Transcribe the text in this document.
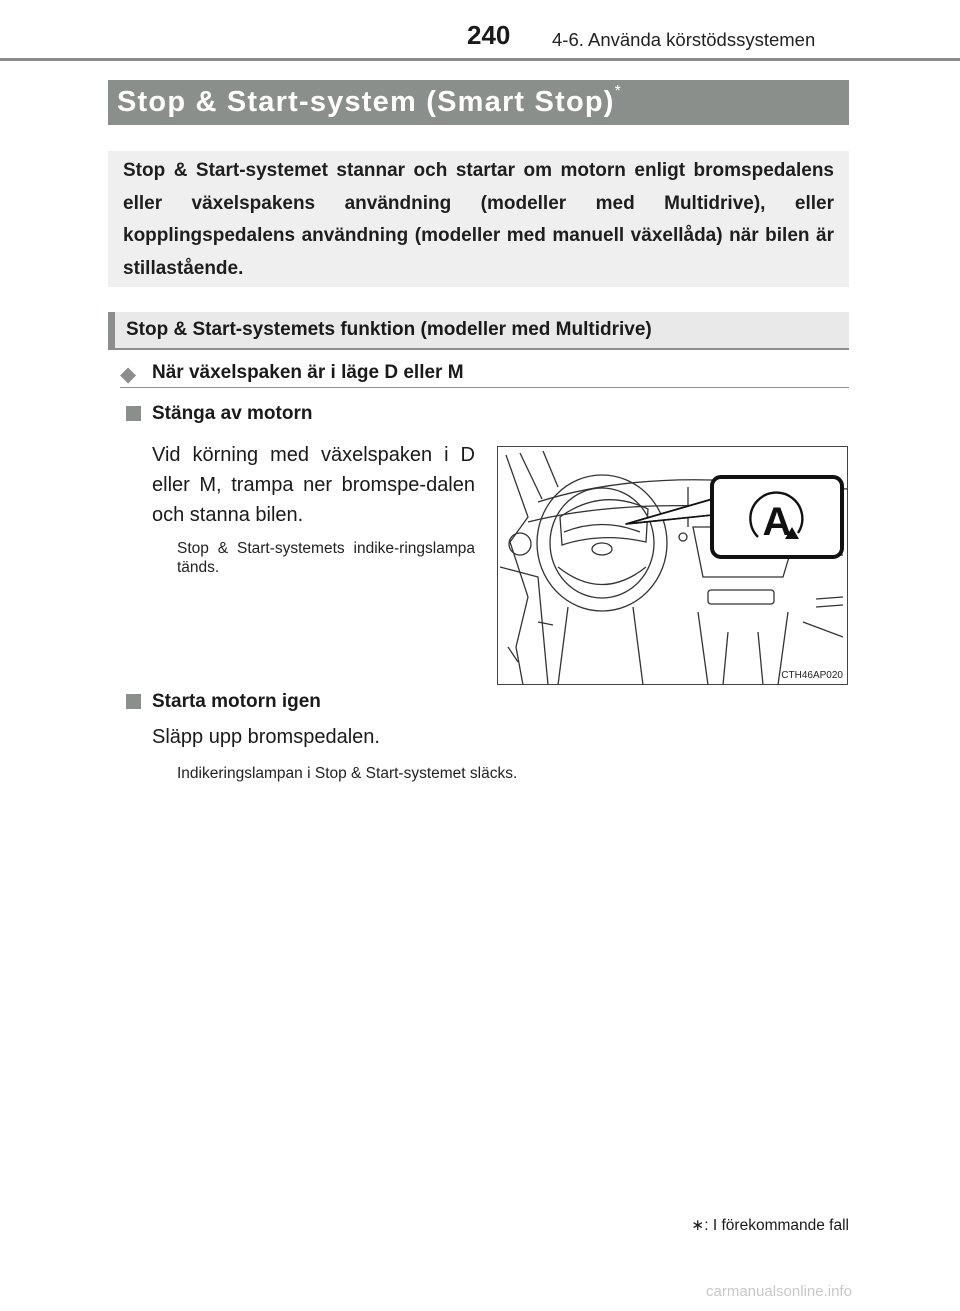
240 4-6. Använda körstödssystemen
Stop & Start-system (Smart Stop)*
Stop & Start-systemet stannar och startar om motorn enligt bromspedalens eller växelspakens användning (modeller med Multidrive), eller kopplingspedalens användning (modeller med manuell växellåda) när bilen är stillastående.
Stop & Start-systemets funktion (modeller med Multidrive)
◆ När växelspaken är i läge D eller M
Stänga av motorn
Vid körning med växelspaken i D eller M, trampa ner bromspe-dalen och stanna bilen.
Stop & Start-systemets indike-ringslampa tänds.
A
CTH46AP020
Starta motorn igen
Släpp upp bromspedalen.
Indikeringslampan i Stop & Start-systemet släcks.
∗: I förekommande fall
carmanualsonline.info
